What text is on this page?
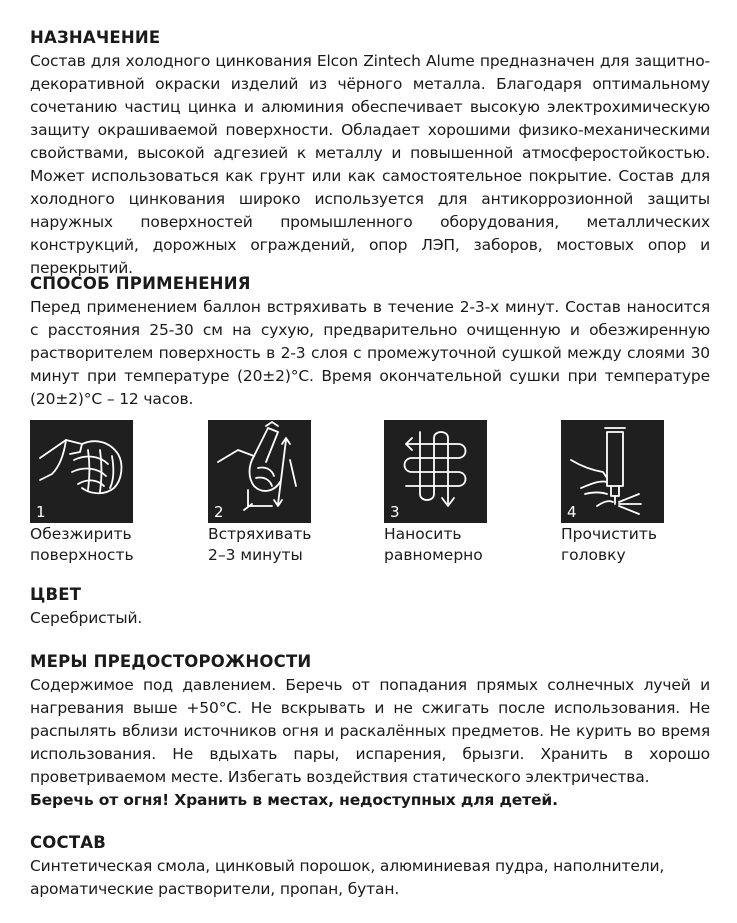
НАЗНАЧЕНИЕ

Состав для холодного цинкования Elcon Zintech Alume предназначен для защитно-декоративной окраски изделий из чёрного металла. Благодаря оптимальному сочетанию частиц цинка и алюминия обеспечивает высокую электрохимическую защиту окрашиваемой поверхности. Обладает хорошими физико-механическими свойствами, высокой адгезией к металлу и повышенной атмосферостойкостью. Может использоваться как грунт или как самостоятельное покрытие. Состав для холодного цинкования широко используется для антикоррозионной защиты наружных поверхностей промышленного оборудования, металлических конструкций, дорожных ограждений, опор ЛЭП, заборов, мостовых опор и перекрытий.

СПОСОБ ПРИМЕНЕНИЯ

Перед применением баллон встряхивать в течение 2-3-х минут. Состав наносится с расстояния 25-30 см на сухую, предварительно очищенную и обезжиренную растворителем поверхность в 2-3 слоя с промежуточной сушкой между слоями 30 минут при температуре (20±2)°С. Время окончательной сушки при температуре (20±2)°С – 12 часов.

1
Обезжирить
поверхность
2
Встряхивать
2–3 минуты
3
Наносить
равномерно
4
Прочистить
головку
ЦВЕТ

Серебристый.

МЕРЫ ПРЕДОСТОРОЖНОСТИ

Содержимое под давлением. Беречь от попадания прямых солнечных лучей и нагревания выше +50°С. Не вскрывать и не сжигать после использования. Не распылять вблизи источников огня и раскалённых предметов. Не курить во время использования. Не вдыхать пары, испарения, брызги. Хранить в хорошо проветриваемом месте. Избегать воздействия статического электричества.

Беречь от огня! Хранить в местах, недоступных для детей.

СОСТАВ

Синтетическая смола, цинковый порошок, алюминиевая пудра, наполнители, ароматические растворители, пропан, бутан.
